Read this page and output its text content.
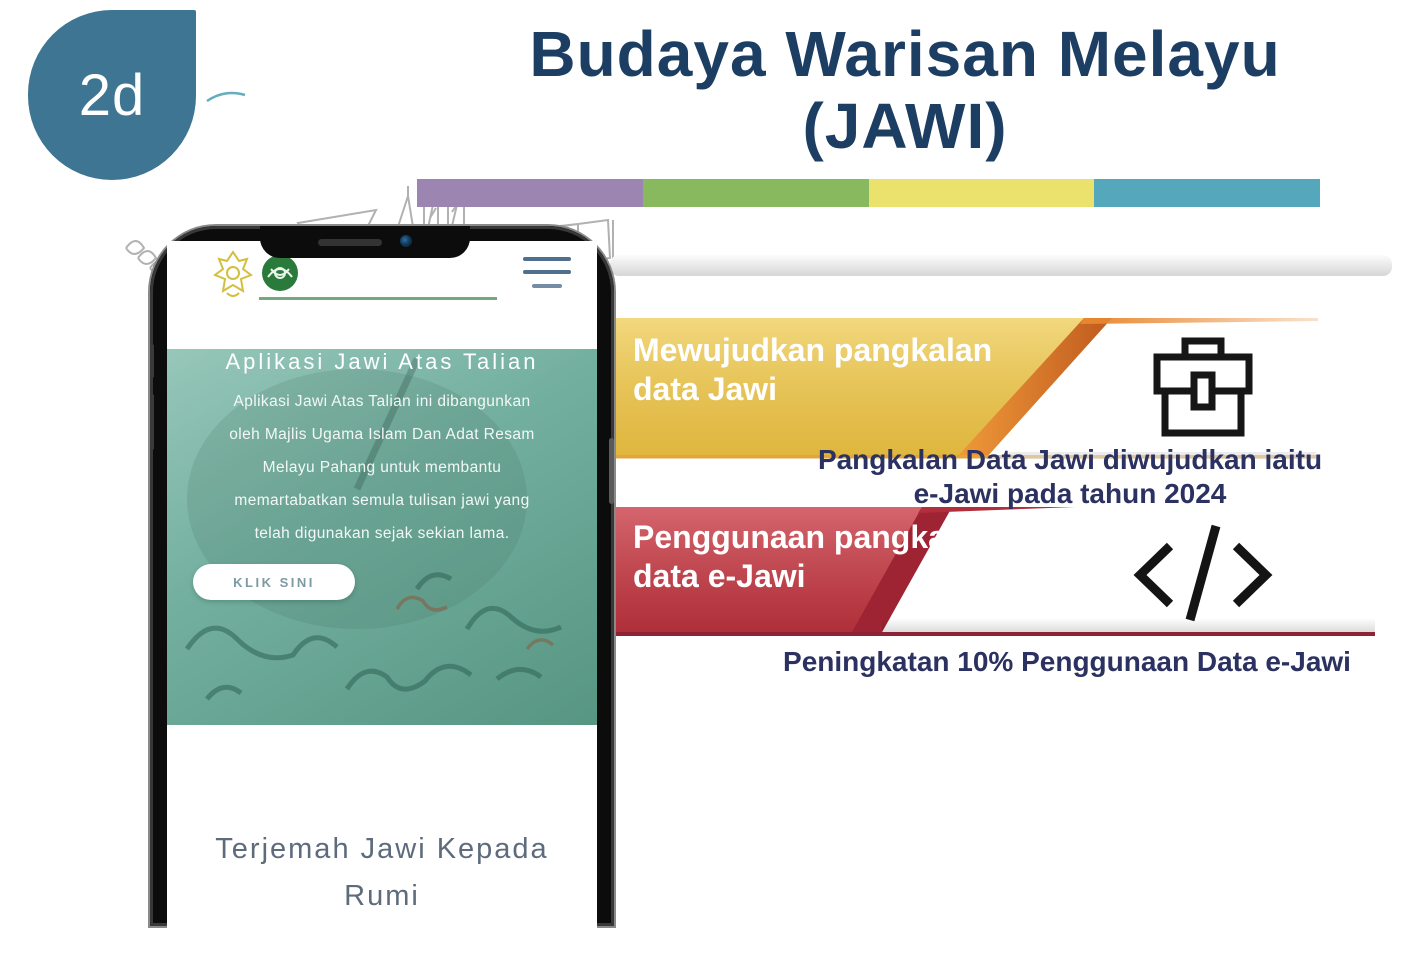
2d
Budaya Warisan Melayu
(JAWI)
Mewujudkan pangkalan
data Jawi
Pangkalan Data Jawi diwujudkan iaitu
e-Jawi pada tahun 2024
Penggunaan pangkalan
data e-Jawi
Peningkatan 10% Penggunaan Data e-Jawi
Aplikasi Jawi Atas Talian
Aplikasi Jawi Atas Talian ini dibangunkan
oleh Majlis Ugama Islam Dan Adat Resam
Melayu Pahang untuk membantu
memartabatkan semula tulisan jawi yang
telah digunakan sejak sekian lama.
KLIK SINI
Terjemah Jawi Kepada
Rumi
